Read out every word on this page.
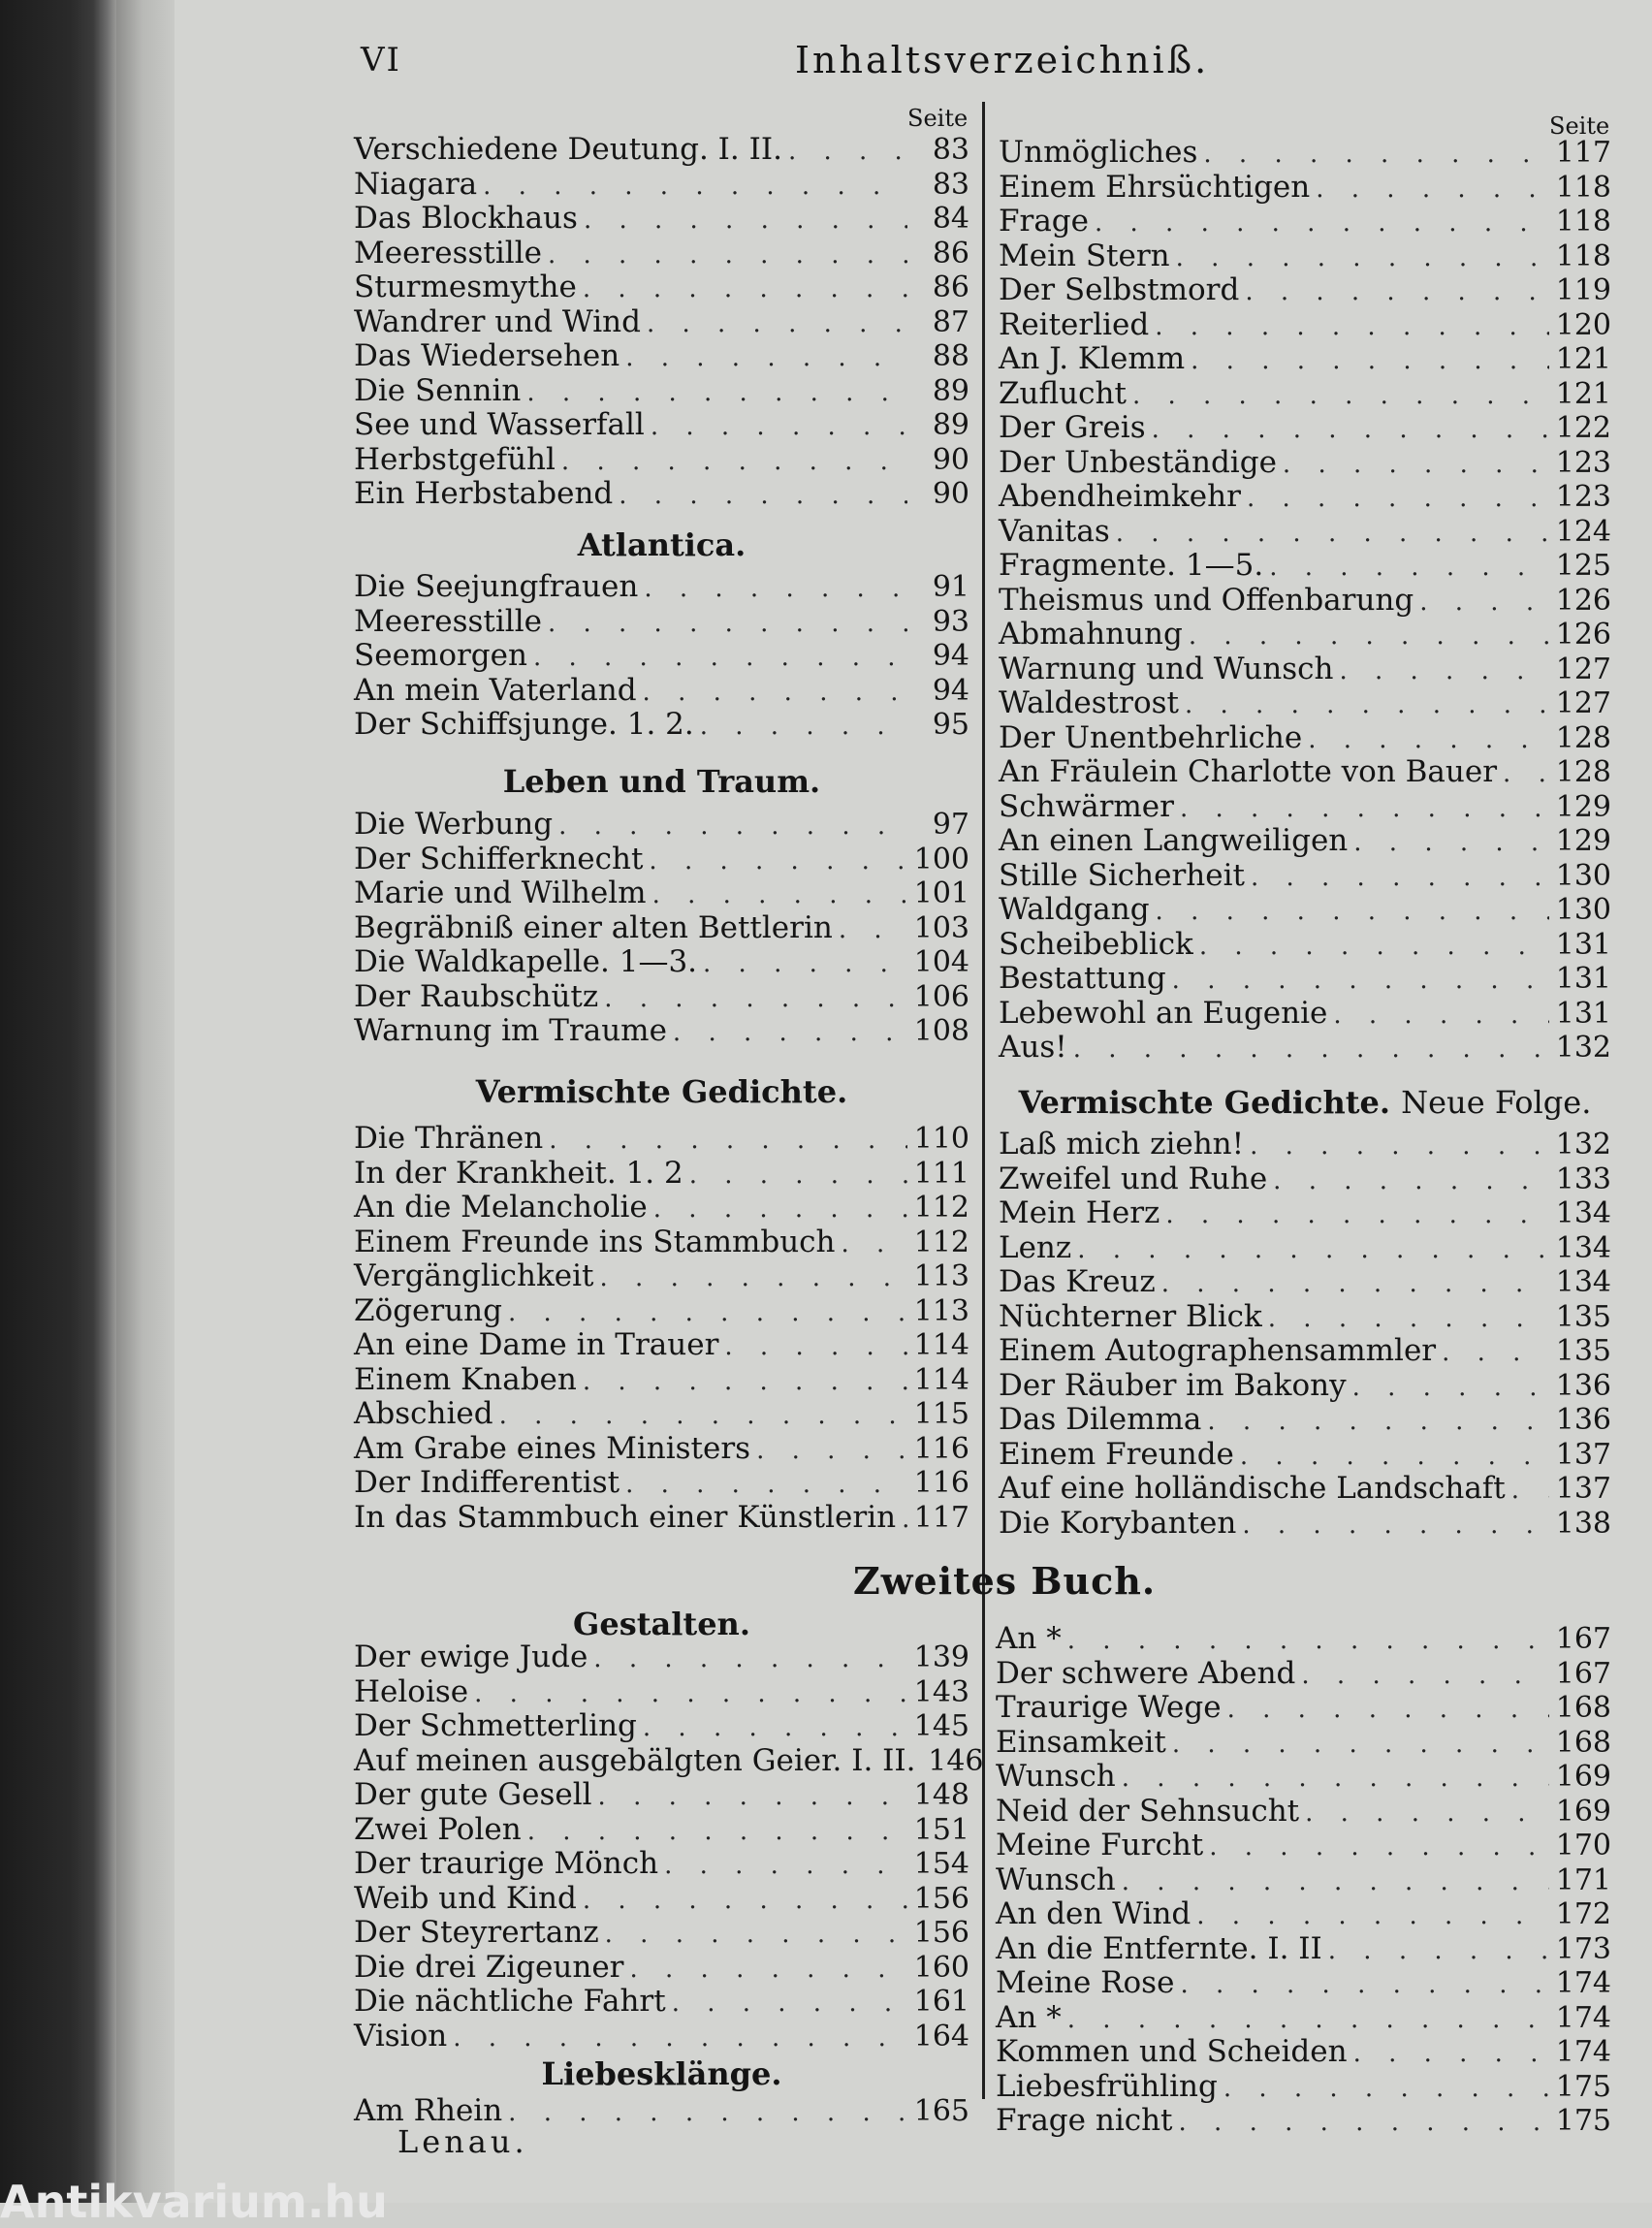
VI	Inhaltsverzeichniß.
Seite	Seite
Verschiedene Deutung. I. II. . . .	83
Niagara . . .	83
Das Blockhaus . . .	84
Meeresstille . . .	86
Sturmesmythe . . .	86
Wandrer und Wind . . .	87
Das Wiedersehen . . .	88
Die Sennin . . .	89
See und Wasserfall . . .	89
Herbstgefühl . . .	90
Ein Herbstabend . . .	90
Atlantica.
Die Seejungfrauen . . .	91
Meeresstille . . .	93
Seemorgen . . .	94
An mein Vaterland . . .	94
Der Schiffsjunge. 1. 2. . . .	95
Leben und Traum.
Die Werbung . . .	97
Der Schifferknecht . . .	100
Marie und Wilhelm . . .	101
Begräbniß einer alten Bettlerin . . .	103
Die Waldkapelle. 1—3. . . .	104
Der Raubschütz . . .	106
Warnung im Traume . . .	108
Vermischte Gedichte.
Die Thränen . . .	110
In der Krankheit. 1. 2 . . .	111
An die Melancholie . . .	112
Einem Freunde ins Stammbuch . . .	112
Vergänglichkeit . . .	113
Zögerung . . .	113
An eine Dame in Trauer . . .	114
Einem Knaben . . .	114
Abschied . . .	115
Am Grabe eines Ministers . . .	116
Der Indifferentist . . .	116
In das Stammbuch einer Künstlerin . . . 117
Unmögliches . . .	117
Einem Ehrsüchtigen . . .	118
Frage . . .	118
Mein Stern . . .	118
Der Selbstmord . . .	119
Reiterlied . . .	120
An J. Klemm . . .	121
Zuflucht . . .	121
Der Greis . . .	122
Der Unbeständige . . .	123
Abendheimkehr . . .	123
Vanitas . . .	124
Fragmente. 1—5. . . .	125
Theismus und Offenbarung . . .	126
Abmahnung . . .	126
Warnung und Wunsch . . .	127
Waldestrost . . .	127
Der Unentbehrliche . . .	128
An Fräulein Charlotte von Bauer . . . 128
Schwärmer . . .	129
An einen Langweiligen . . .	129
Stille Sicherheit . . .	130
Waldgang . . .	130
Scheibeblick . . .	131
Bestattung . . .	131
Lebewohl an Eugenie . . .	131
Aus! . . .	132
Vermischte Gedichte. Neue Folge.
Laß mich ziehn! . . .	132
Zweifel und Ruhe . . .	133
Mein Herz . . .	134
Lenz . . .	134
Das Kreuz . . .	134
Nüchterner Blick . . .	135
Einem Autographensammler . . .	135
Der Räuber im Bakony . . .	136
Das Dilemma . . .	136
Einem Freunde . . .	137
Auf eine holländische Landschaft . . . 137
Die Korybanten . . .	138
Zweites Buch.
Gestalten.
Der ewige Jude . . .	139
Heloise . . .	143
Der Schmetterling . . .	145
Auf meinen ausgebälgten Geier. I. II. 146
Der gute Gesell . . .	148
Zwei Polen . . .	151
Der traurige Mönch . . .	154
Weib und Kind . . .	156
Der Steyrertanz . . .	156
Die drei Zigeuner . . .	160
Die nächtliche Fahrt . . .	161
Vision . . .	164
Liebesklänge.
Am Rhein . . .	165
An * . . .	167
Der schwere Abend . . .	167
Traurige Wege . . .	168
Einsamkeit . . .	168
Wunsch . . .	169
Neid der Sehnsucht . . .	169
Meine Furcht . . .	170
Wunsch . . .	171
An den Wind . . .	172
An die Entfernte. I. II . . .	173
Meine Rose . . .	174
An * . . .	174
Kommen und Scheiden . . .	174
Liebesfrühling . . .	175
Frage nicht . . .	175
Lenau.
Antikvarium.hu
